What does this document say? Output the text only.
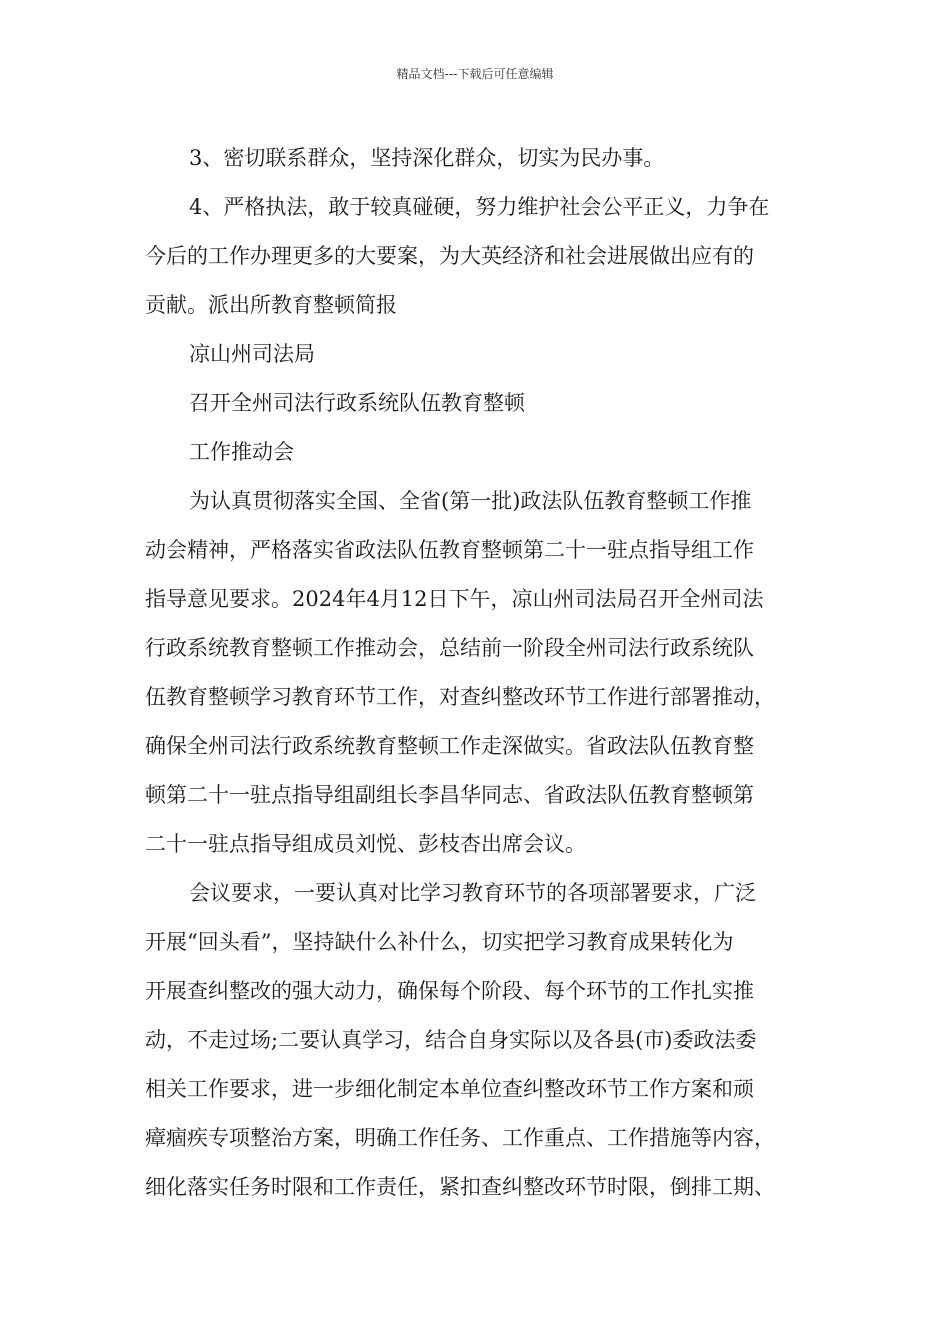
精品文档---下载后可任意编辑
3、密切联系群众，坚持深化群众，切实为民办事。
4、严格执法，敢于较真碰硬，努力维护社会公平正义，力争在
今后的工作办理更多的大要案，为大英经济和社会进展做出应有的
贡献。派出所教育整顿简报
凉山州司法局
召开全州司法行政系统队伍教育整顿
工作推动会
为认真贯彻落实全国、全省(第一批)政法队伍教育整顿工作推
动会精神，严格落实省政法队伍教育整顿第二十一驻点指导组工作
指导意见要求。2024年4月12日下午，凉山州司法局召开全州司法
行政系统教育整顿工作推动会，总结前一阶段全州司法行政系统队
伍教育整顿学习教育环节工作，对查纠整改环节工作进行部署推动，
确保全州司法行政系统教育整顿工作走深做实。省政法队伍教育整
顿第二十一驻点指导组副组长李昌华同志、省政法队伍教育整顿第
二十一驻点指导组成员刘悦、彭枝杏出席会议。
会议要求，一要认真对比学习教育环节的各项部署要求，广泛
开展“回头看”，坚持缺什么补什么，切实把学习教育成果转化为
开展查纠整改的强大动力，确保每个阶段、每个环节的工作扎实推
动，不走过场;二要认真学习，结合自身实际以及各县(市)委政法委
相关工作要求，进一步细化制定本单位查纠整改环节工作方案和顽
瘴痼疾专项整治方案，明确工作任务、工作重点、工作措施等内容，
细化落实任务时限和工作责任，紧扣查纠整改环节时限，倒排工期、
